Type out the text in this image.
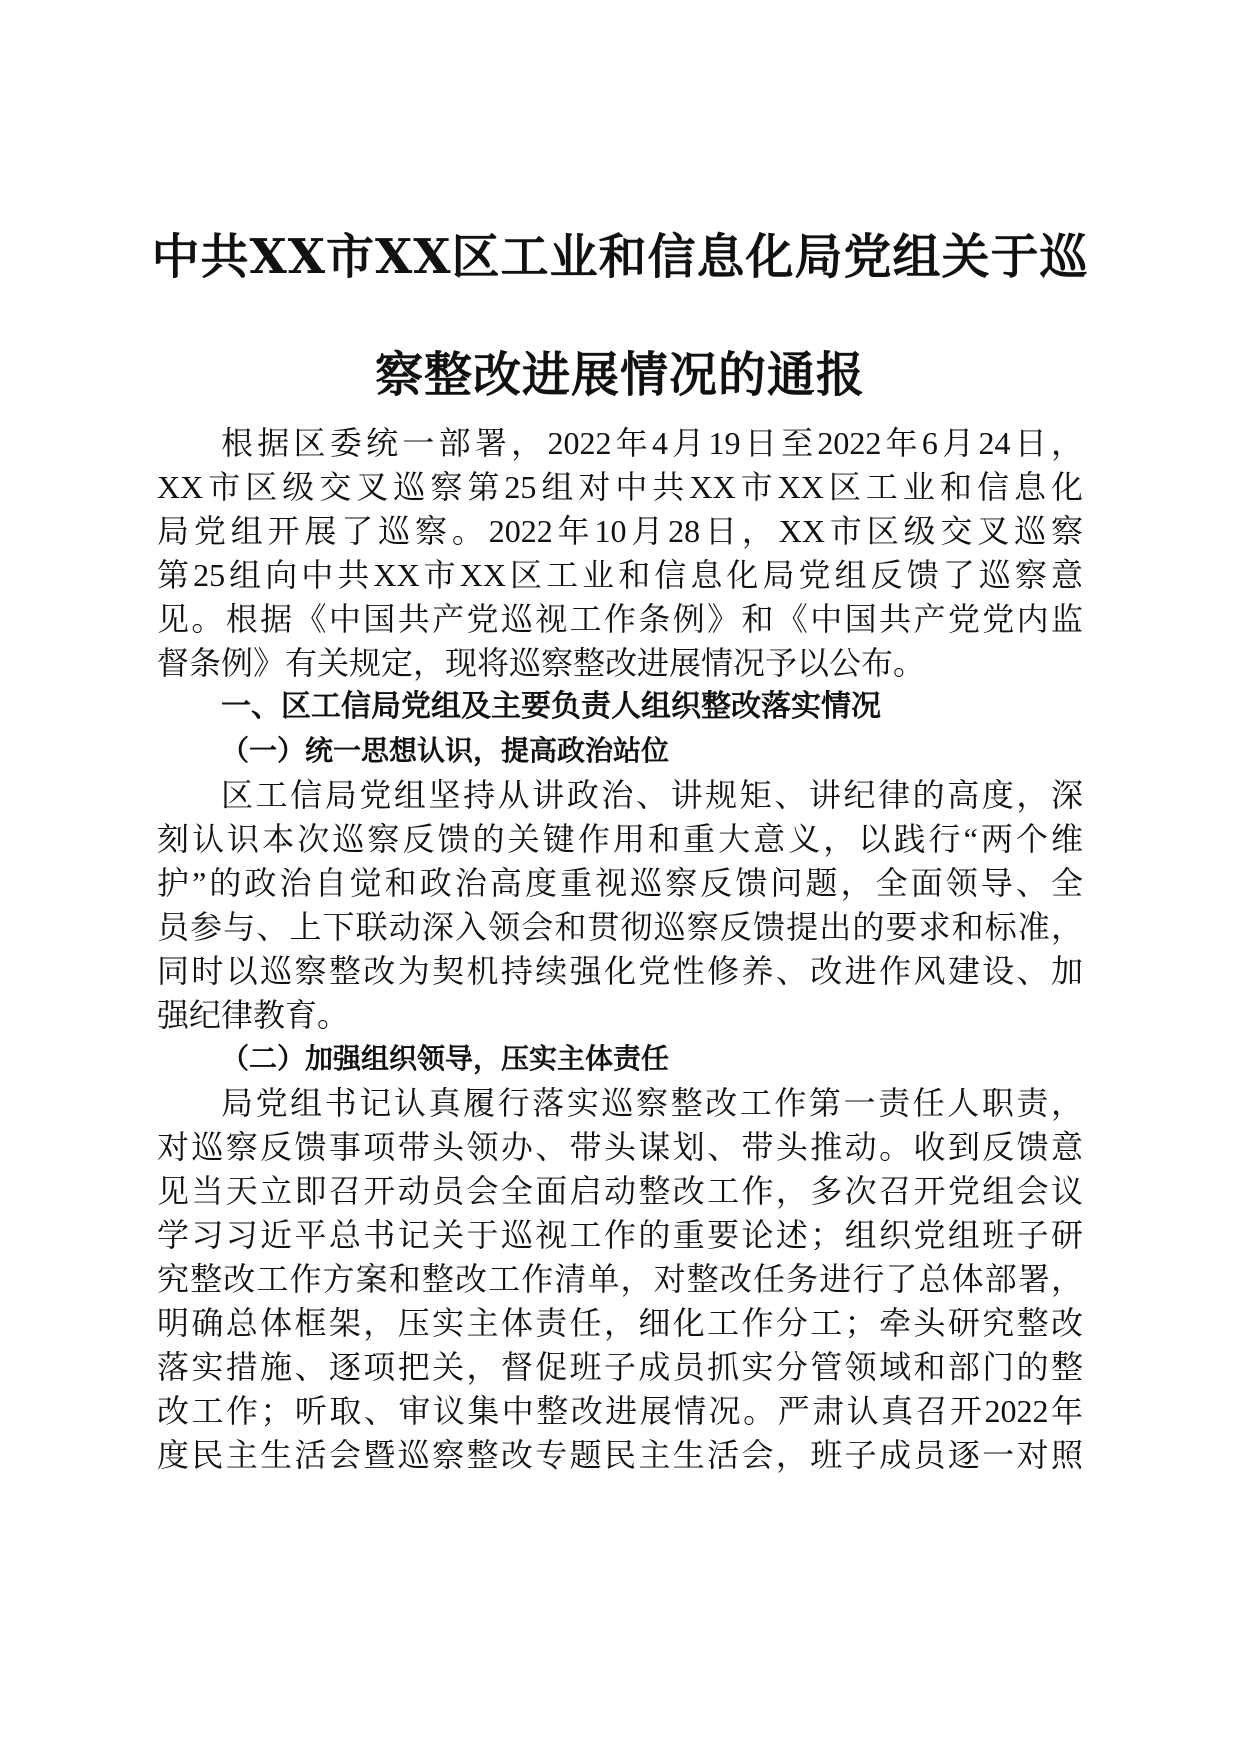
中共XX市XX区工业和信息化局党组关于巡
察整改进展情况的通报

根据区委统一部署，2022年4月19日至2022年6月24日，

XX市区级交叉巡察第25组对中共XX市XX区工业和信息化

局党组开展了巡察。2022年10月28日，XX市区级交叉巡察

第25组向中共XX市XX区工业和信息化局党组反馈了巡察意

见。根据《中国共产党巡视工作条例》和《中国共产党党内监

督条例》有关规定，现将巡察整改进展情况予以公布。

一、区工信局党组及主要负责人组织整改落实情况
（一）统一思想认识，提高政治站位

区工信局党组坚持从讲政治、讲规矩、讲纪律的高度，深

刻认识本次巡察反馈的关键作用和重大意义，以践行“两个维

护”的政治自觉和政治高度重视巡察反馈问题，全面领导、全

员参与、上下联动深入领会和贯彻巡察反馈提出的要求和标准，

同时以巡察整改为契机持续强化党性修养、改进作风建设、加

强纪律教育。

（二）加强组织领导，压实主体责任

局党组书记认真履行落实巡察整改工作第一责任人职责，

对巡察反馈事项带头领办、带头谋划、带头推动。收到反馈意

见当天立即召开动员会全面启动整改工作，多次召开党组会议

学习习近平总书记关于巡视工作的重要论述；组织党组班子研

究整改工作方案和整改工作清单，对整改任务进行了总体部署，

明确总体框架，压实主体责任，细化工作分工；牵头研究整改

落实措施、逐项把关，督促班子成员抓实分管领域和部门的整

改工作；听取、审议集中整改进展情况。严肃认真召开2022年

度民主生活会暨巡察整改专题民主生活会，班子成员逐一对照
